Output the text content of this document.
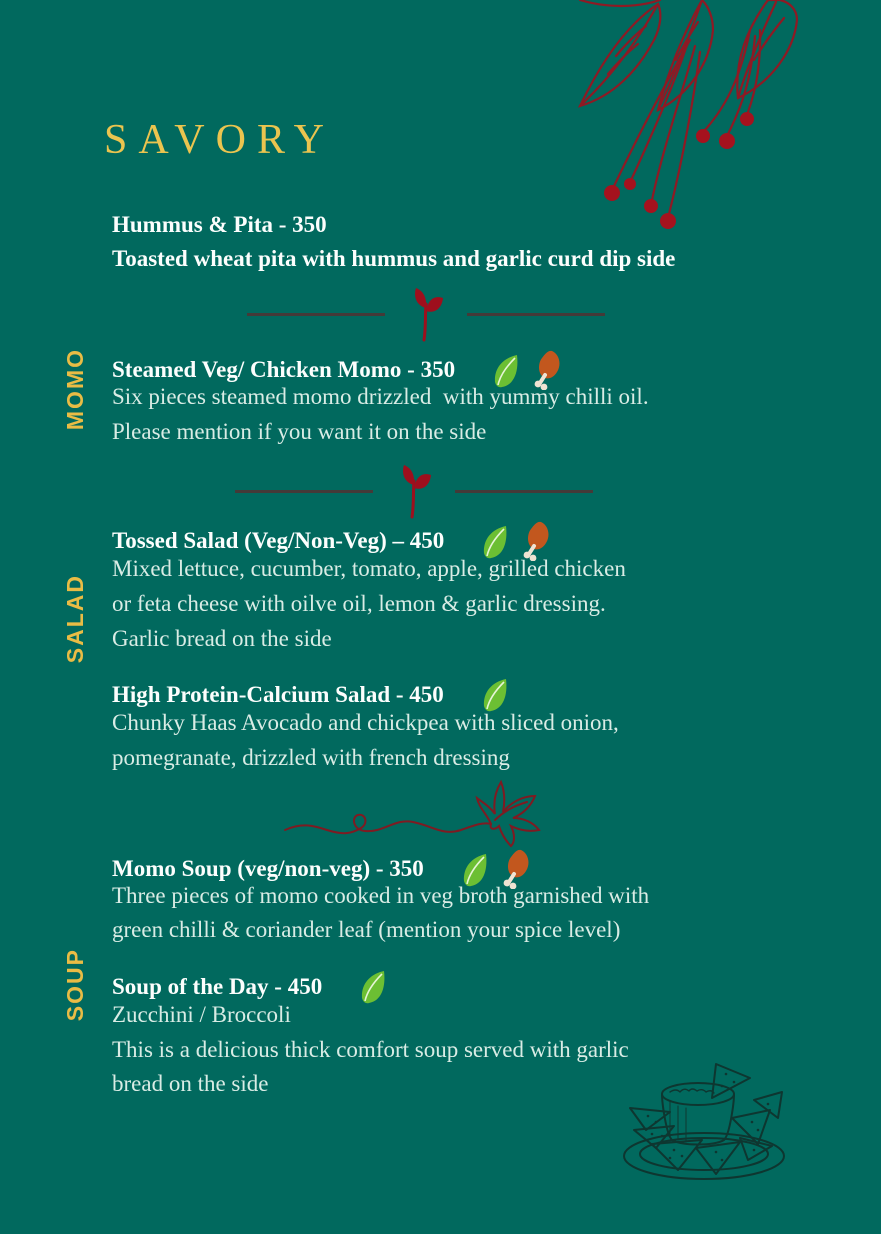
SAVORY
Hummus & Pita - 350
Toasted wheat pita with hummus and garlic curd dip side
MOMO Steamed Veg/ Chicken Momo - 350
Six pieces steamed momo drizzled  with yummy chilli oil.
Please mention if you want it on the side
SALAD
Tossed Salad (Veg/Non-Veg) – 450
Mixed lettuce, cucumber, tomato, apple, grilled chicken
or feta cheese with oilve oil, lemon & garlic dressing.
Garlic bread on the side
High Protein-Calcium Salad - 450
Chunky Haas Avocado and chickpea with sliced onion,
pomegranate, drizzled with french dressing
SOUP
Momo Soup (veg/non-veg) - 350
Three pieces of momo cooked in veg broth garnished with
green chilli & coriander leaf (mention your spice level)
Soup of the Day - 450
Zucchini / Broccoli
This is a delicious thick comfort soup served with garlic
bread on the side
